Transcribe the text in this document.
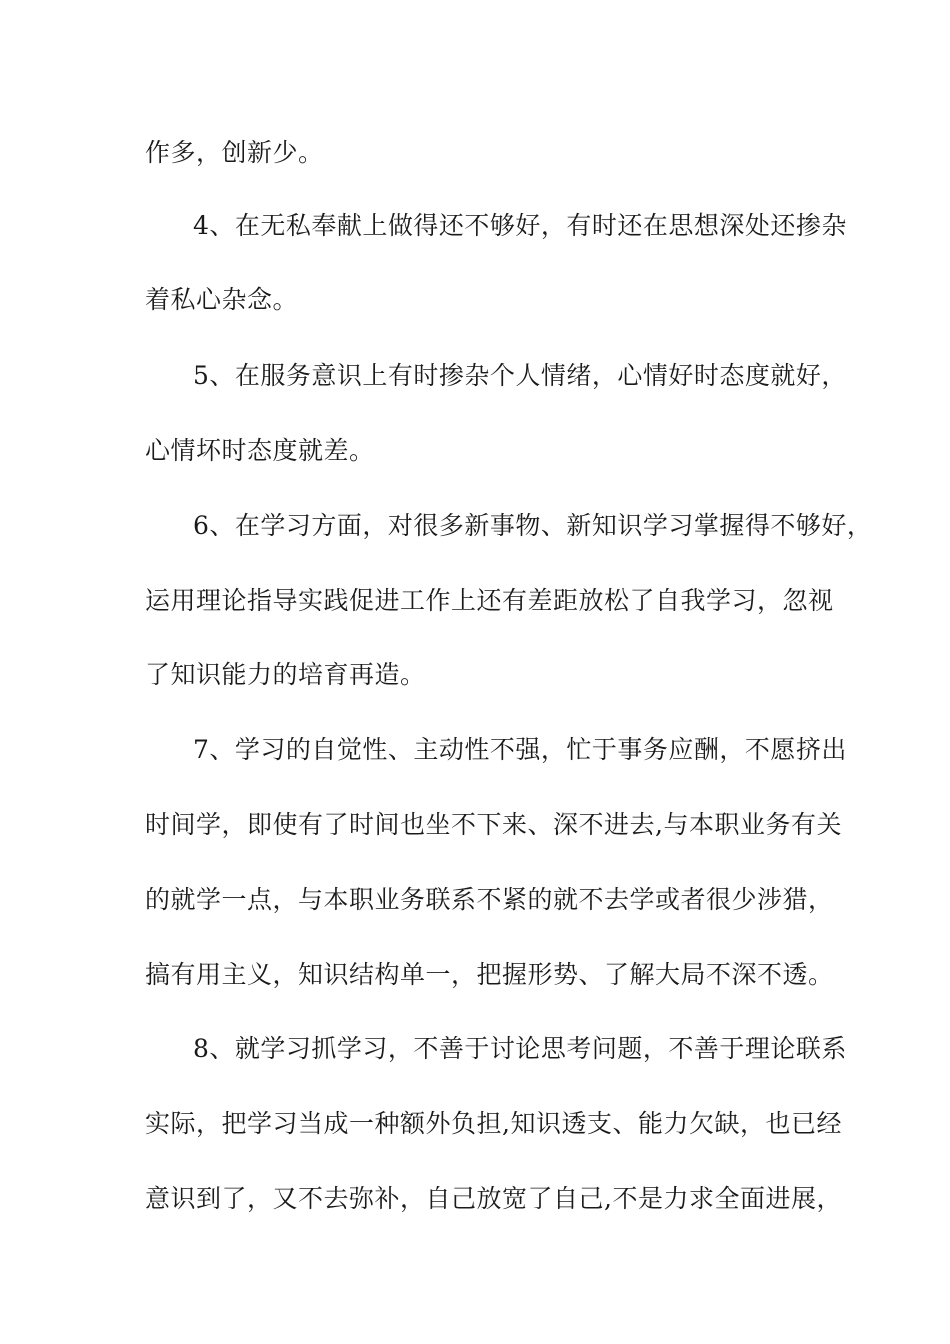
作多，创新少。
4、在无私奉献上做得还不够好，有时还在思想深处还掺杂
着私心杂念。
5、在服务意识上有时掺杂个人情绪，心情好时态度就好，
心情坏时态度就差。
6、在学习方面，对很多新事物、新知识学习掌握得不够好，
运用理论指导实践促进工作上还有差距放松了自我学习，忽视
了知识能力的培育再造。
7、学习的自觉性、主动性不强，忙于事务应酬，不愿挤出
时间学，即使有了时间也坐不下来、深不进去,与本职业务有关
的就学一点，与本职业务联系不紧的就不去学或者很少涉猎，
搞有用主义，知识结构单一，把握形势、了解大局不深不透。
8、就学习抓学习，不善于讨论思考问题，不善于理论联系
实际，把学习当成一种额外负担,知识透支、能力欠缺，也已经
意识到了，又不去弥补，自己放宽了自己,不是力求全面进展，
